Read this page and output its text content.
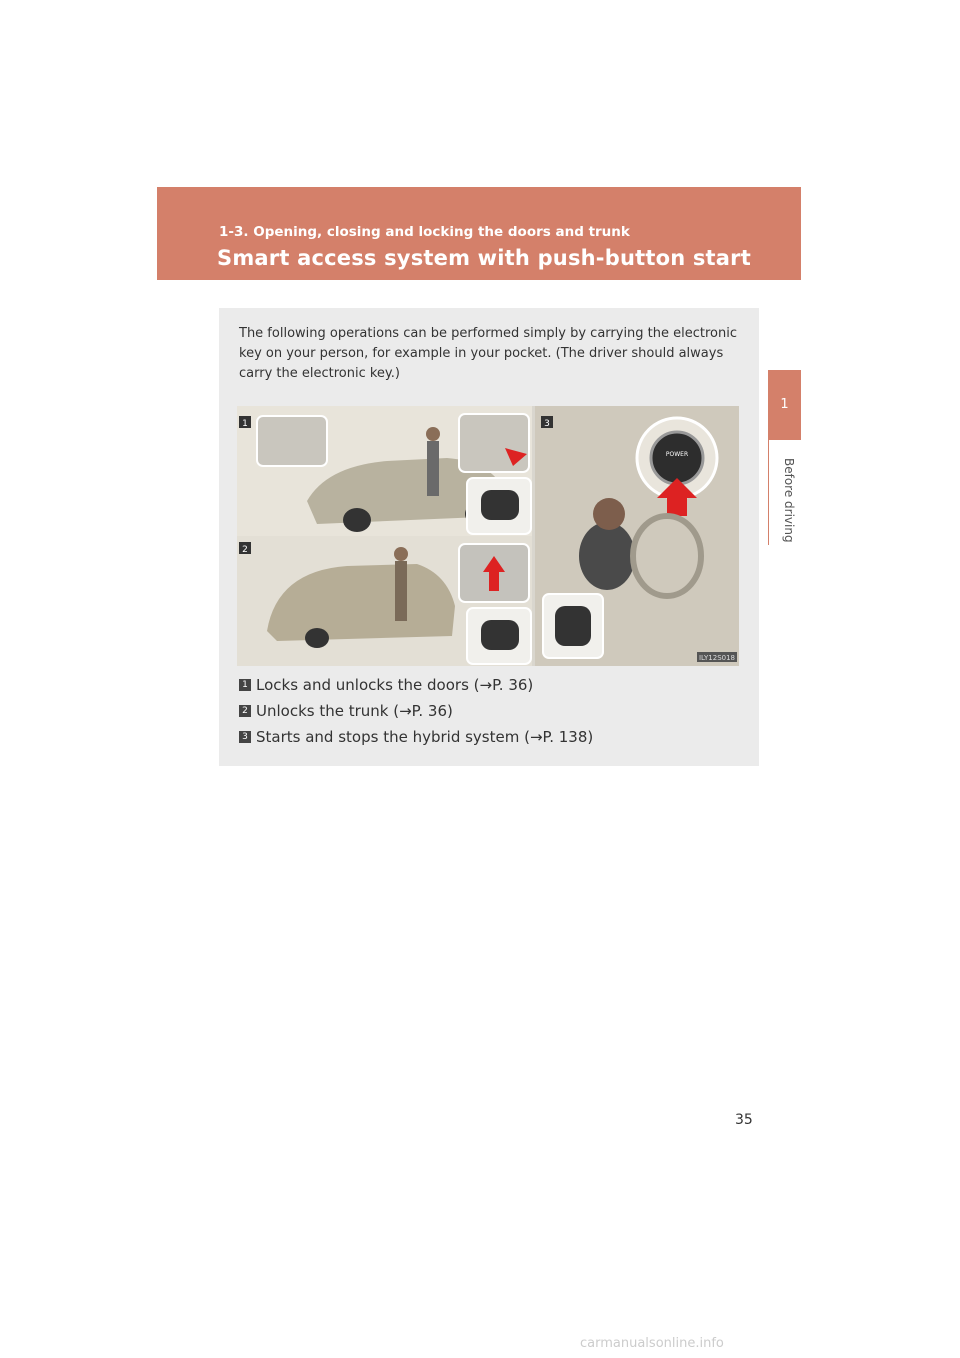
1-3. Opening, closing and locking the doors and trunk
Smart access system with push-button start
1
Before driving
The following operations can be performed simply by carrying the electronic key on your person, for example in your pocket. (The driver should always carry the electronic key.)
POWER
ILY12S018
1
2
3
1 Locks and unlocks the doors (→P. 36)
2 Unlocks the trunk (→P. 36)
3 Starts and stops the hybrid system (→P. 138)
35
carmanualsonline.info
